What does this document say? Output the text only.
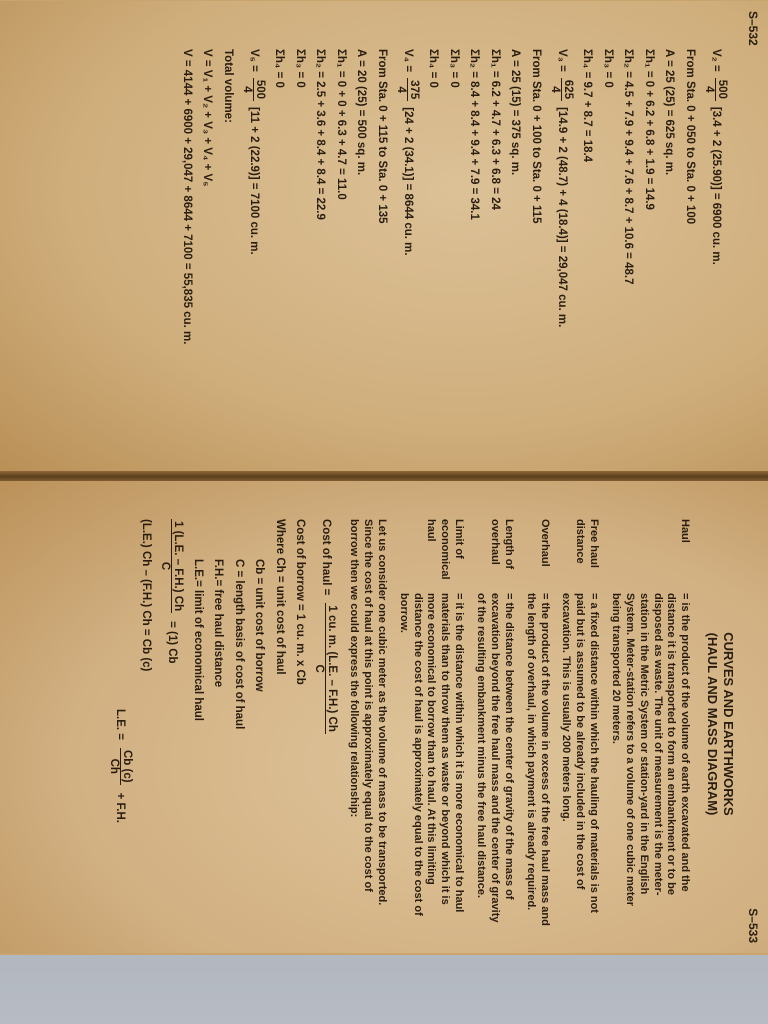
S–532
V₂ =
500
4
[3.4 + 2 (25.90)] = 6900 cu. m.
From Sta. 0 + 050 to Sta. 0 + 100
A = 25 (25) = 625 sq. m.
Σh₁ = 0 + 6.2 + 6.8 + 1.9 = 14.9
Σh₂ = 4.5 + 7.9 + 9.4 + 7.6 + 8.7 + 10.6 = 48.7
Σh₃ = 0
Σh₄ = 9.7 + 8.7 = 18.4
V₃ =
625
4
[14.9 + 2 (48.7) + 4 (18.4)] = 29,047 cu. m.
From Sta. 0 + 100 to Sta. 0 + 115
A = 25 (15) = 375 sq. m.
Σh₁ = 6.2 + 4.7 + 6.3 + 6.8 = 24
Σh₂ = 8.4 + 8.4 + 9.4 + 7.9 = 34.1
Σh₃ = 0
Σh₄ = 0
V₄ =
375
4
[24 + 2 (34.1)] = 8644 cu. m.
From Sta. 0 + 115 to Sta. 0 + 135
A = 20 (25) = 500 sq. m.
Σh₁ = 0 + 0 + 6.3 + 4.7 = 11.0
Σh₂ = 2.5 + 3.6 + 8.4 + 8.4 = 22.9
Σh₃ = 0
Σh₄ = 0
V₅ =
500
4
[11 + 2 (22.9)] = 7100 cu. m.
Total volume:
V = V₁ + V₂ + V₃ + V₄ + V₅
V = 4144 + 6900 + 29,047 + 8644 + 7100 = 55,835 cu. m.
S–533

CURVES AND EARTHWORKS

(HAUL AND MASS DIAGRAM)

Haul
= is the product of the volume of earth excavated and the distance it is transported to form an embankment or to be disposed as waste. The unit of measurement is the meter-station in the Metric System or station-yard in the English System. Meter-station refers to a volume of one cubic meter being transported 20 meters.
Free haul distance
= a fixed distance within which the hauling of materials is not paid but is assumed to be already included in the cost of excavation. This is usually 200 meters long.
Overhaul
= the product of the volume in excess of the free haul mass and the length of overhaul, in which payment is already required.
Length of overhaul
= the distance between the center of gravity of the mass of excavation beyond the free haul mass and the center of gravity of the resulting embankment minus the free haul distance.
Limit of economical haul
= it is the distance within which it is more economical to haul materials than to throw them as waste or beyond which it is more economical to borrow than to haul. At this limiting distance the cost of haul is approximately equal to the cost of borrow.

Let us consider one cubic meter as the volume of mass to be transported. Since the cost of haul at this point is approximately equal to the cost of borrow then we could express the following relationship:

Cost of haul =
1 cu. m. (L.E. – F.H.) Ch
C
Cost of borrow = 1 cu. m. x Cb
Where Ch = unit cost of haul
Cb = unit cost of borrow
C = length basis of cost of haul
F.H.= free haul distance
L.E.= limit of economical haul
1 (L.E. – F.H.) Ch
C
= (1) Cb
(L.E.) Ch – (F.H.) Ch = Cb (c)
L.E. =
Cb (c)
Ch
+ F.H.
